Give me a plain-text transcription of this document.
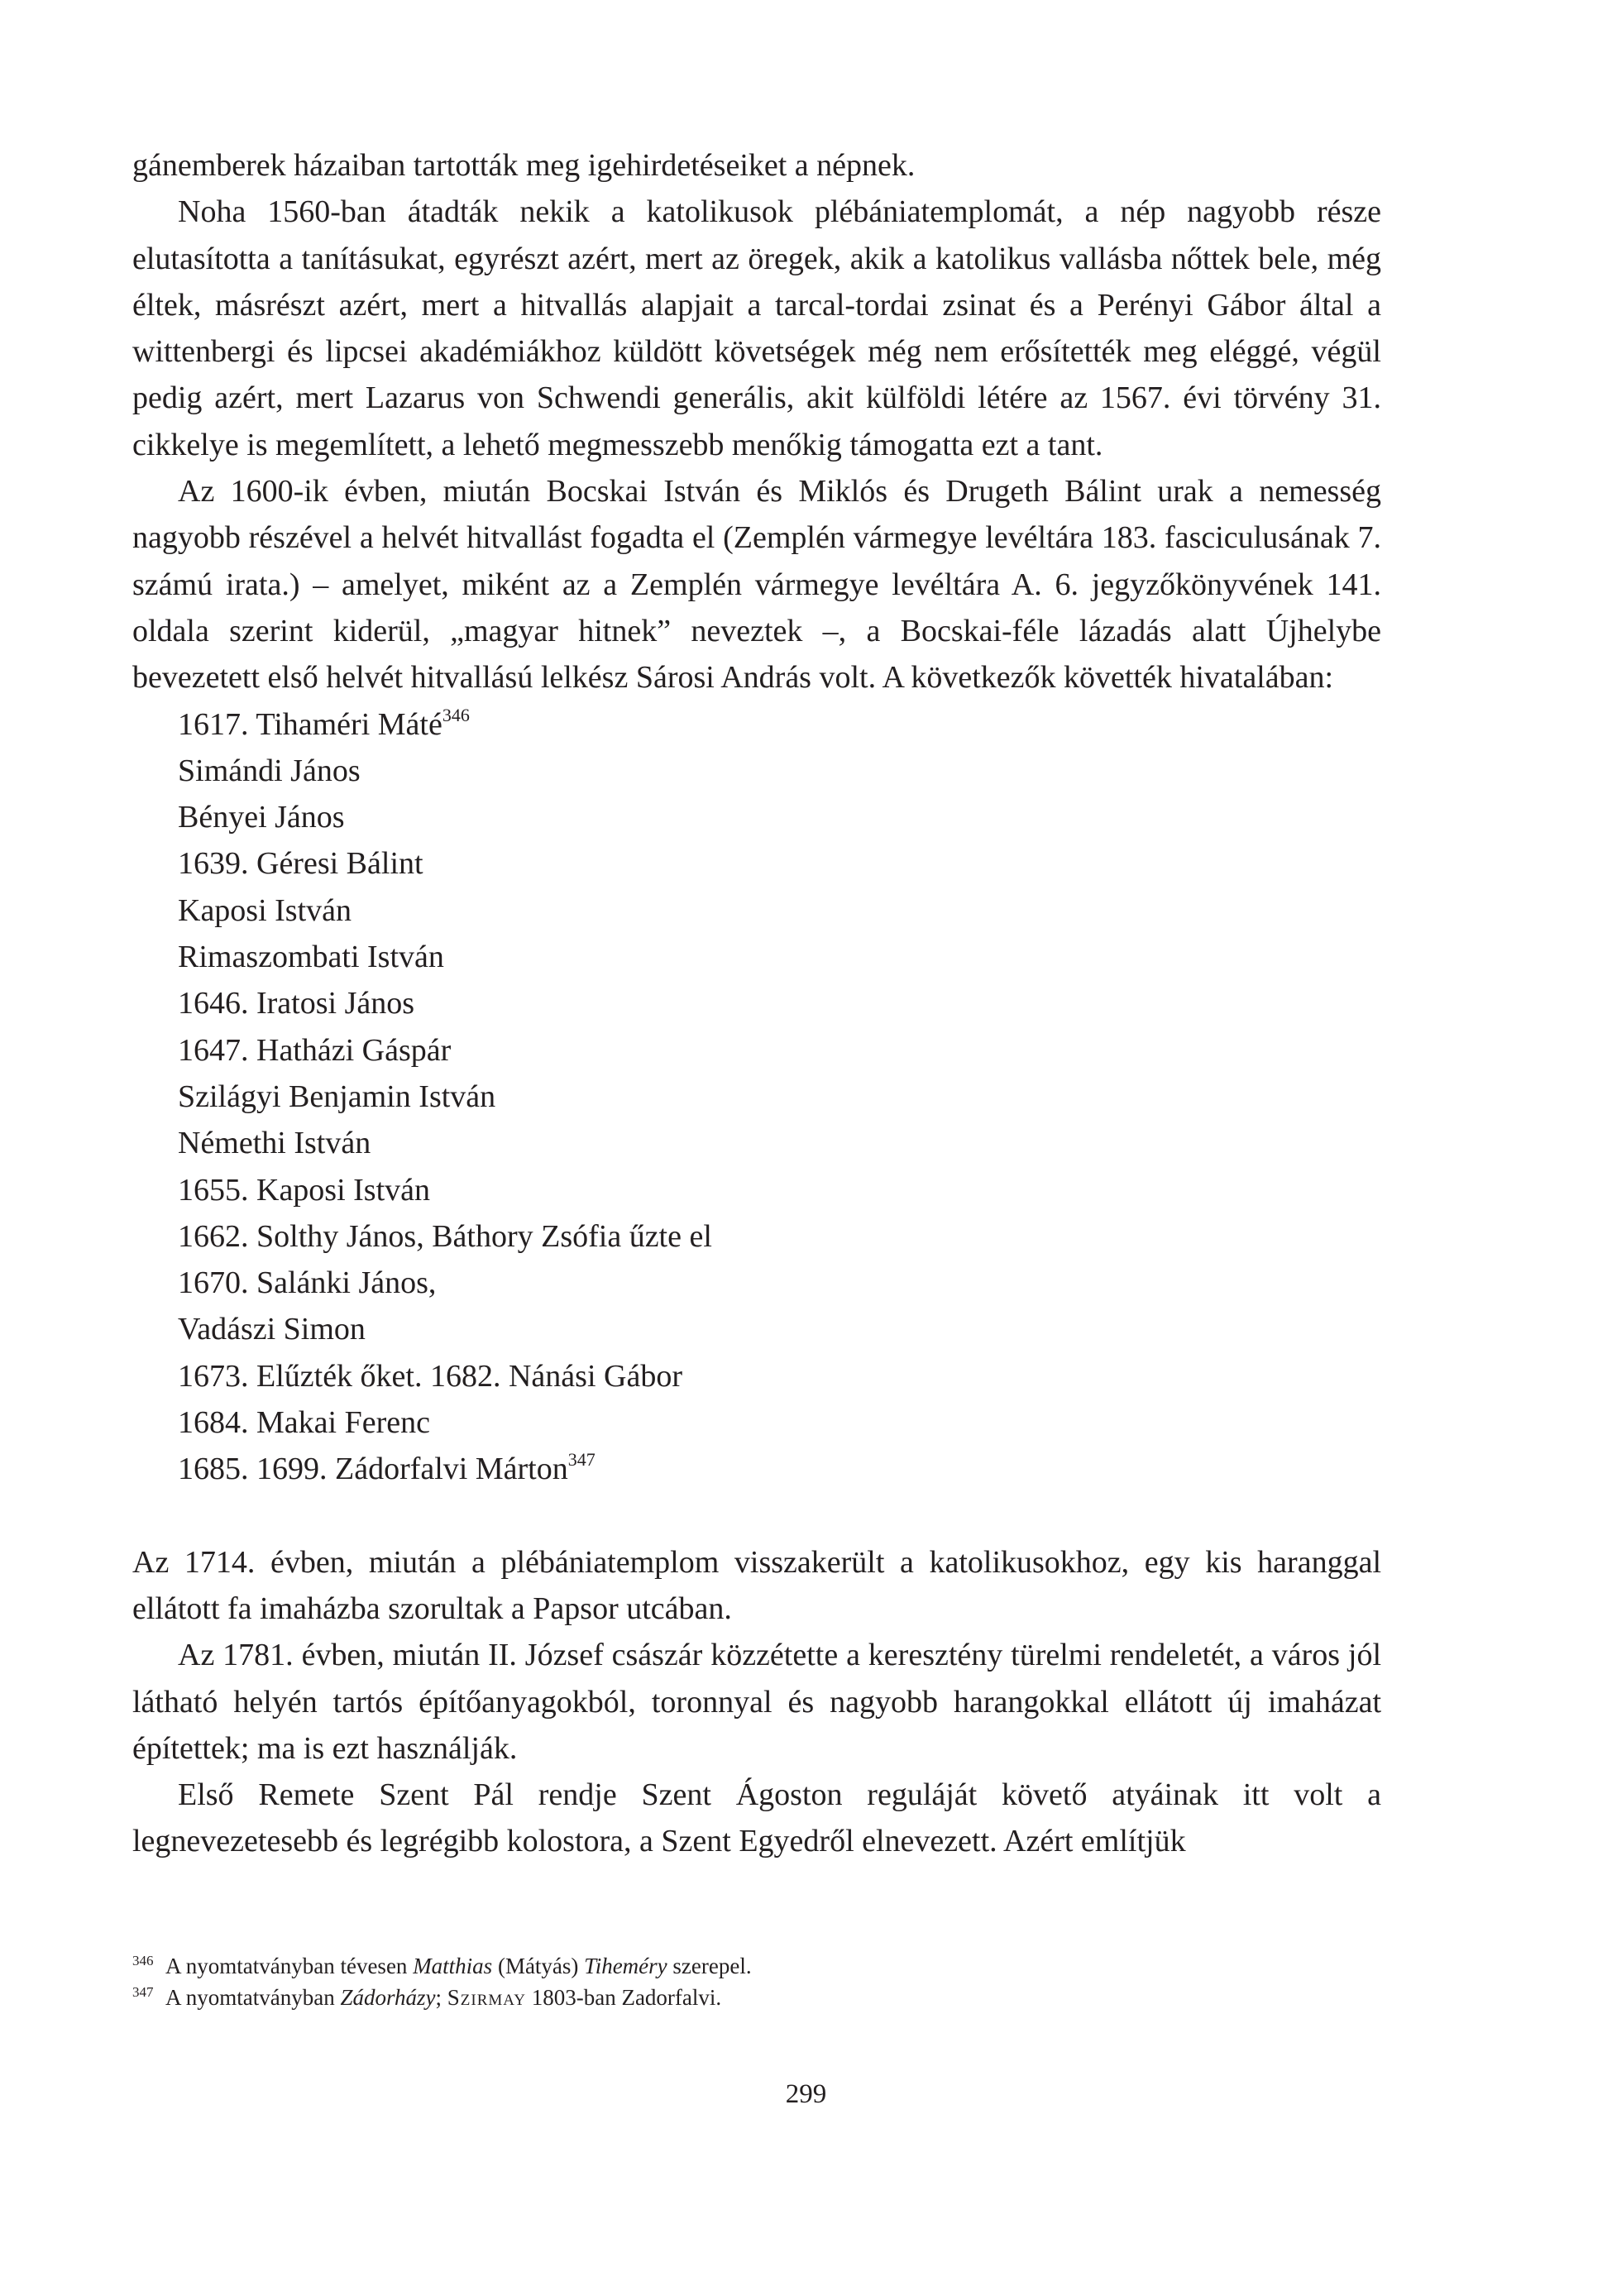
gánemberek házaiban tartották meg igehirdetéseiket a népnek.

Noha 1560-ban átadták nekik a katolikusok plébániatemplomát, a nép nagyobb része elutasította a tanításukat, egyrészt azért, mert az öregek, akik a katolikus vallásba nőttek bele, még éltek, másrészt azért, mert a hitvallás alapjait a tarcal-tordai zsinat és a Perényi Gábor által a wittenbergi és lipcsei akadémiákhoz küldött követségek még nem erősítették meg eléggé, végül pedig azért, mert Lazarus von Schwendi generális, akit külföldi létére az 1567. évi törvény 31. cikkelye is megemlített, a lehető megmesszebb menőkig támogatta ezt a tant.

Az 1600-ik évben, miután Bocskai István és Miklós és Drugeth Bálint urak a nemesség nagyobb részével a helvét hitvallást fogadta el (Zemplén vármegye levéltára 183. fasciculusának 7. számú irata.) – amelyet, miként az a Zemplén vármegye levéltára A. 6. jegyzőkönyvének 141. oldala szerint kiderül, „magyar hitnek” neveztek –, a Bocskai-féle lázadás alatt Újhelybe bevezetett első helvét hitvallású lelkész Sárosi András volt. A következők követték hivatalában:

1617. Tihaméri Máté$^{346}$
Simándi János
Bényei János
1639. Géresi Bálint
Kaposi István
Rimaszombati István
1646. Iratosi János
1647. Hatházi Gáspár
Szilágyi Benjamin István
Némethi István
1655. Kaposi István
1662. Solthy János, Báthory Zsófia űzte el
1670. Salánki János,
Vadászi Simon
1673. Elűzték őket. 1682. Nánási Gábor
1684. Makai Ferenc
1685. 1699. Zádorfalvi Márton$^{347}$

Az 1714. évben, miután a plébániatemplom visszakerült a katolikusokhoz, egy kis haranggal ellátott fa imaházba szorultak a Papsor utcában.

Az 1781. évben, miután II. József császár közzétette a keresztény türelmi rendeletét, a város jól látható helyén tartós építőanyagokból, toronnyal és nagyobb harangokkal ellátott új imaházat építettek; ma is ezt használják.

Első Remete Szent Pál rendje Szent Ágoston reguláját követő atyáinak itt volt a legnevezetesebb és legrégibb kolostora, a Szent Egyedről elnevezett. Azért említjük

346 A nyomtatványban tévesen Matthias (Mátyás) Tiheméry szerepel.

347 A nyomtatványban Zádorházy; Szirmay 1803-ban Zadorfalvi.

299
